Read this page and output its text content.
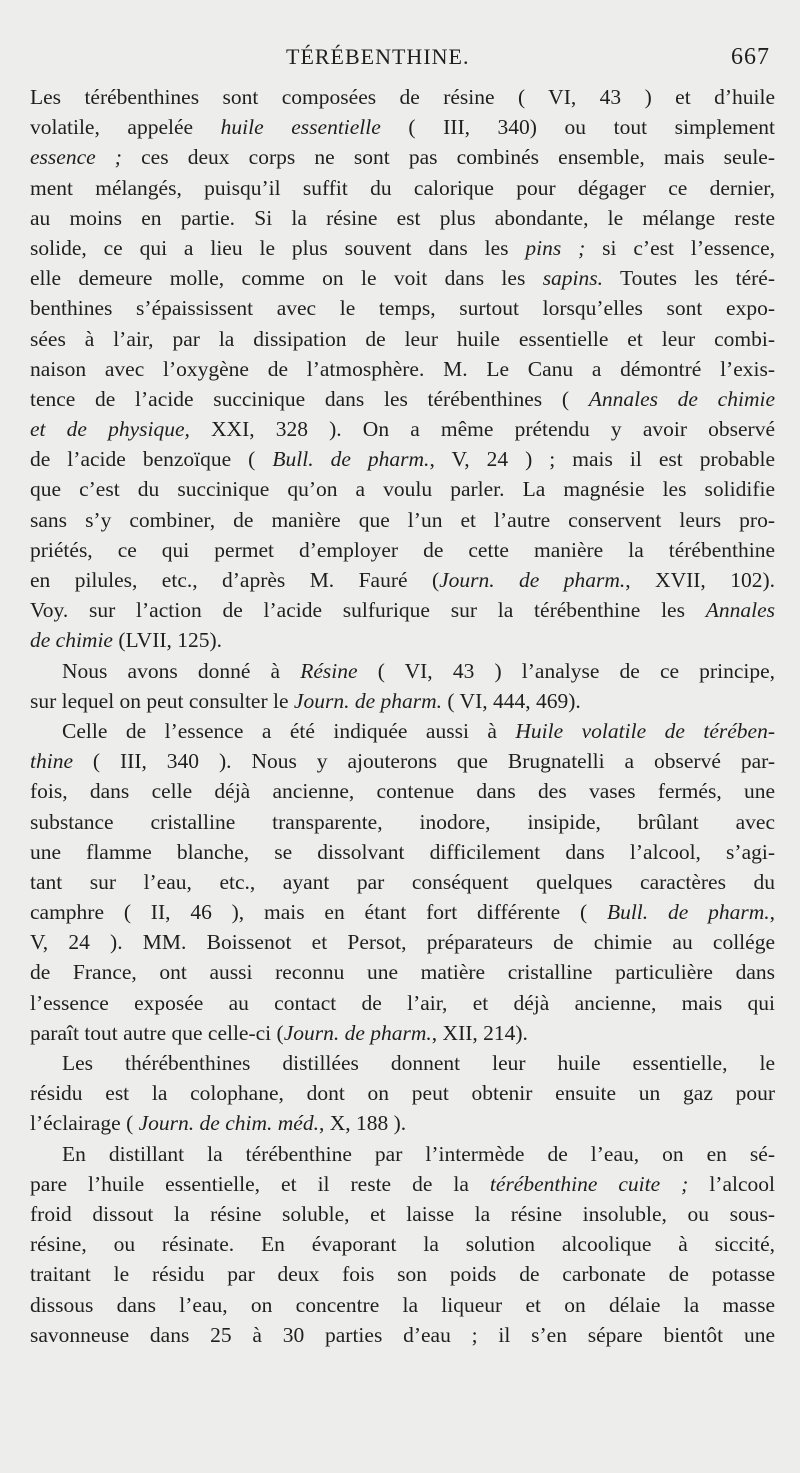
TÉRÉBENTHINE.	667
Les térébenthines sont composées de résine ( VI, 43 ) et d’huile
volatile, appelée huile essentielle ( III, 340) ou tout simplement
essence ; ces deux corps ne sont pas combinés ensemble, mais seule-
ment mélangés, puisqu’il suffit du calorique pour dégager ce dernier,
au moins en partie. Si la résine est plus abondante, le mélange reste
solide, ce qui a lieu le plus souvent dans les pins ; si c’est l’essence,
elle demeure molle, comme on le voit dans les sapins. Toutes les téré-
benthines s’épaississent avec le temps, surtout lorsqu’elles sont expo-
sées à l’air, par la dissipation de leur huile essentielle et leur combi-
naison avec l’oxygène de l’atmosphère. M. Le Canu a démontré l’exis-
tence de l’acide succinique dans les térébenthines ( Annales de chimie
et de physique, XXI, 328 ). On a même prétendu y avoir observé
de l’acide benzoïque ( Bull. de pharm., V, 24 ) ; mais il est probable
que c’est du succinique qu’on a voulu parler. La magnésie les solidifie
sans s’y combiner, de manière que l’un et l’autre conservent leurs pro-
priétés, ce qui permet d’employer de cette manière la térébenthine
en pilules, etc., d’après M. Fauré (Journ. de pharm., XVII, 102).
Voy. sur l’action de l’acide sulfurique sur la térébenthine les Annales
de chimie (LVII, 125).
Nous avons donné à Résine ( VI, 43 ) l’analyse de ce principe,
sur lequel on peut consulter le Journ. de pharm. ( VI, 444, 469).
Celle de l’essence a été indiquée aussi à Huile volatile de térében-
thine ( III, 340 ). Nous y ajouterons que Brugnatelli a observé par-
fois, dans celle déjà ancienne, contenue dans des vases fermés, une
substance cristalline transparente, inodore, insipide, brûlant avec
une flamme blanche, se dissolvant difficilement dans l’alcool, s’agi-
tant sur l’eau, etc., ayant par conséquent quelques caractères du
camphre ( II, 46 ), mais en étant fort différente ( Bull. de pharm.,
V, 24 ). MM. Boissenot et Persot, préparateurs de chimie au collége
de France, ont aussi reconnu une matière cristalline particulière dans
l’essence exposée au contact de l’air, et déjà ancienne, mais qui
paraît tout autre que celle-ci (Journ. de pharm., XII, 214).
Les thérébenthines distillées donnent leur huile essentielle, le
résidu est la colophane, dont on peut obtenir ensuite un gaz pour
l’éclairage ( Journ. de chim. méd., X, 188 ).
En distillant la térébenthine par l’intermède de l’eau, on en sé-
pare l’huile essentielle, et il reste de la térébenthine cuite ; l’alcool
froid dissout la résine soluble, et laisse la résine insoluble, ou sous-
résine, ou résinate. En évaporant la solution alcoolique à siccité,
traitant le résidu par deux fois son poids de carbonate de potasse
dissous dans l’eau, on concentre la liqueur et on délaie la masse
savonneuse dans 25 à 30 parties d’eau ; il s’en sépare bientôt une
